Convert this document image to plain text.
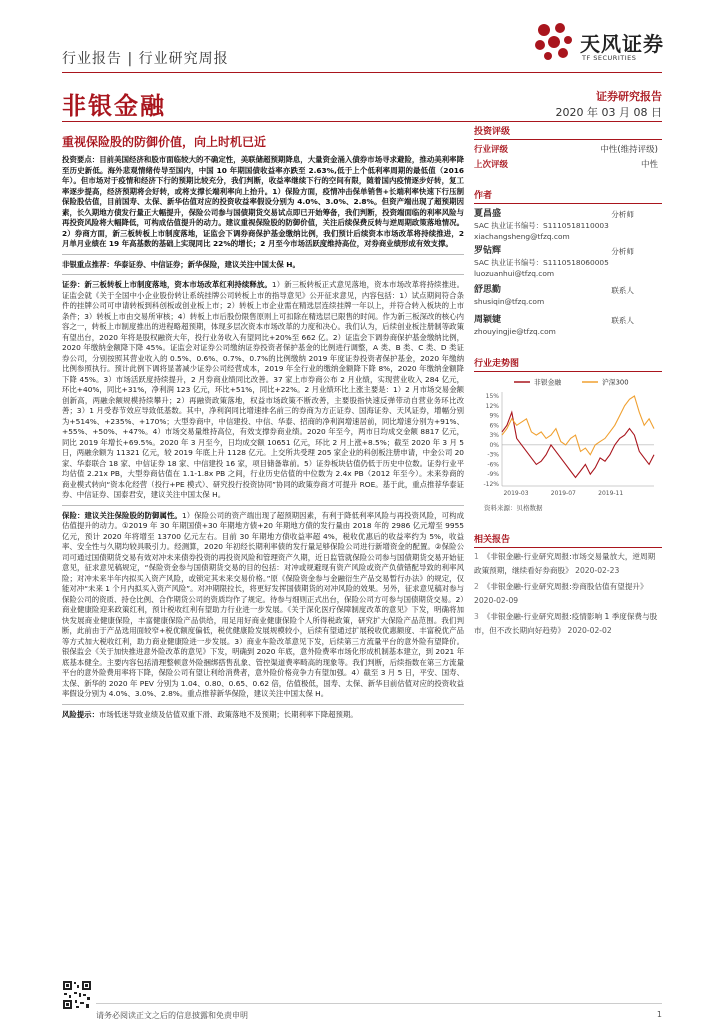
行业报告 | 行业研究周报
天风证券
TF SECURITIES
非银金融	证券研究报告
2020 年 03 月 08 日
重视保险股的防御价值，向上时机已近

投资要点：目前美国经济和股市面临较大的不确定性，美联储超预期降息，大量资金涌入债券市场寻求避险，推动美利率降至历史新低。海外悲观情绪传导至国内，中国 10 年期国债收益率亦跌至 2.63%,低于上个低利率周期的最低值（2016 年）。但市场对于疫情和经济下行的预期比较充分，我们判断，收益率继续下行的空间有限，随着国内疫情逐步好转，复工率逐步提高，经济预期将会好转，或将支撑长端利率向上抬升。1）保险方面，疫情冲击保单销售+长端利率快速下行压制保险股估值，目前国寿、太保、新华估值对应的投资收益率假设分别为 4.0%、3.0%、2.8%。但资产端出现了超预期因素，长久期地方债发行量正大幅提升，保险公司参与国债期货交易试点即已开始筹备，我们判断，投资端面临的利率风险与再投资风险将大幅降低，可构成估值提升的动力。建议重视保险股的防御价值，关注后续保费反转与逆周期政策落地情况。2）券商方面，新三板转板上市制度落地，证监会下调券商保护基金缴纳比例，我们预计后续资本市场改革将持续推进，2 月单月业绩在 19 年高基数的基础上实现同比 22%的增长；2 月至今市场活跃度维持高位，对券商业绩形成有效支撑。

非银重点推荐：华泰证券、中信证券；新华保险，建议关注中国太保 H。

证券：新三板转板上市制度落地，资本市场改革红利持续释放。1）新三板转板正式意见落地，资本市场改革将持续推进。证监会就《关于全国中小企业股份转让系统挂牌公司转板上市的指导意见》公开征求意见，内容包括：1）试点期间符合条件的挂牌公司可申请转板到科创板或创业板上市；2）转板上市企业需在精选层连续挂牌一年以上，并符合转入板块的上市条件；3）转板上市由交易所审核；4）转板上市后股份限售原则上可扣除在精选层已限售的时间。作为新三板深改的核心内容之一，转板上市制度推出的进程略超预期，体现多层次资本市场改革的力度和决心。我们认为，后续创业板注册制等政策有望出台，2020 年将是股权融资大年，投行业务收入有望同比+20%至 662 亿。2）证监会下调券商保护基金缴纳比例，2020 年缴纳金额降下降 45%。证监会对证券公司缴纳证券投资者保护基金的比例进行调整，A 类、B 类、C 类、D 类证券公司，分别按照其营业收入的 0.5%、0.6%、0.7%、0.7%的比例缴纳 2019 年度证券投资者保护基金，2020 年缴纳比例参照执行。预计此例下调将显著减少证券公司经营成本，2019 年全行业的缴纳金额降下降 8%，2020 年缴纳金额降下降 45%。3）市场活跃度持续提升，2 月券商业绩同比改善。37 家上市券商公布 2 月业绩，实现营业收入 284 亿元，环比+40%，同比+31%，净利润 123 亿元，环比+51%，同比+22%。2 月业绩环比上涨主要是：1）2 月市场交易金额创新高，两融余额规模持续攀升；2）再融资政策落地，权益市场政策不断改善，主要股指快速反弹带动自营业务环比改善；3）1 月受春节效应导致低基数。其中，净利润同比增速排名前三的券商为方正证券、国海证券、天风证券，增幅分别为+514%、+235%、+170%；大型券商中，中信建投、中信、华泰、招商的净利润增速居前，同比增速分别为+91%、+55%、+50%、+47%。4）市场交易量维持高位，有效支撑券商业绩。2020 年至今，两市日均成交金额 8817 亿元，同比 2019 年增长+69.5%。2020 年 3 月至今，日均成交额 10651 亿元，环比 2 月上涨+8.5%；截至 2020 年 3 月 5 日，两融余额为 11321 亿元，较 2019 年底上升 1128 亿元。上交所共受理 205 家企业的科创板注册申请，中金公司 20 家、华泰联合 18 家、中信证券 18 家、中信建投 16 家，项目储备靠前。5）证券板块估值仍低于历史中位数。证券行业平均估值 2.21x PB，大型券商估值在 1.1-1.8x PB 之间，行业历史估值的中位数为 2.4x PB（2012 年至今）。未来券商的商业模式转向“资本化经营（投行+PE 模式）、研究投行投资协同”协同的政策券商才可提升 ROE。基于此，重点推荐华泰证券、中信证券、国泰君安，建议关注中国太保 H。

保险：建议关注保险股的防御属性。1）保险公司的资产端出现了超预期因素，有利于降低利率风险与再投资风险，可构成估值提升的动力。①2019 年 30 年期国债+30 年期地方债+20 年期地方债的发行量由 2018 年的 2986 亿元增至 9955 亿元，预计 2020 年将增至 13700 亿元左右。目前 30 年期地方债收益率超 4%，税收优惠后的收益率约为 5%，收益率、安全性与久期均较具吸引力。经测算，2020 年初经长期利率债的发行量足够保险公司进行新增资金的配置。②保险公司可通过国债期货交易有效对冲未来债券投资的再投资风险和管理资产久期，近日监管就保险公司参与国债期货交易开始征意见，征求意见稿规定，“保险资金参与国债期货交易的目的包括：对冲或规避现有资产风险或资产负债错配导致的利率风险；对冲未来半年内拟买入资产风险，或锁定其未来交易价格。”原《保险资金参与金融衍生产品交易暂行办法》的规定，仅能对冲“未来 1 个月内拟买入资产风险”。对冲期限拉长，将更好发挥国债期货的对冲风险的效果。另外，征求意见稿对参与保险公司的资质、持仓比例、合作期货公司的资质均作了规定。待参与细则正式出台，保险公司方可参与国债期货交易。2）商业健康险迎来政策红利，预计税收红利有望助力行业进一步发展。《关于深化医疗保障制度改革的意见》下发，明确将加快发展商业健康保险，丰富健康保险产品供给，用足用好商业健康保险个人所得税政策，研究扩大保险产品范围。我们判断，此前由于产品选用面较窄+税优额度偏低，税优健康险发展规模较小，后续有望通过扩展税收优惠额度、丰富税优产品等方式加大税收红利，助力商业健康险进一步发展。3）商业车险改革意见下发，后续第三方流量平台的意外险有望降价。银保监会《关于加快推进意外险改革的意见》下发，明确到 2020 年底，意外险费率市场化形成机制基本建立，到 2021 年底基本健全。主要内容包括清理整顿意外险捆绑搭售乱象、管控渠道费率畸高的现象等。我们判断，后续指数在第三方流量平台的意外险费用率将下降，保险公司有望让利给消费者，意外险价格竞争力有望加强。4）截至 3 月 5 日，平安、国寿、太保、新华的 2020 年 PEV 分别为 1.04、0.80、0.65、0.62 倍，估值极低，国寿、太保、新华目前估值对应的投资收益率假设分别为 4.0%、3.0%、2.8%。重点推荐新华保险，建议关注中国太保 H。

风险提示：市场低迷导致业绩及估值双重下滑、政策落地不及预期；长期利率下降超预期。

投资评级
行业评级	中性(维持评级)
上次评级	中性
作者
夏昌盛	分析师
SAC 执业证书编号：S1110518110003
xiachangsheng@tfzq.com
罗钻辉	分析师
SAC 执业证书编号：S1110518060005
luozuanhui@tfzq.com
舒思勤	联系人
shusiqin@tfzq.com
周颖婕	联系人
zhouyingjie@tfzq.com
行业走势图
非银金融	沪深300
15%
12%
9%
6%
3%
0%
-3%
-6%
-9%
-12%
2019-03	2019-07	2019-11
资料来源：贝格数据
相关报告
1 《非银金融-行业研究周报:市场交易量放大，逆周期政策预期，继续看好券商股》 2020-02-23
2 《非银金融-行业研究周报:券商股估值有望提升》 2020-02-09
3 《非银金融-行业研究周报:疫情影响 1 季度保费与股市，但不改长期向好趋势》 2020-02-02
请务必阅读正文之后的信息披露和免责申明	1
